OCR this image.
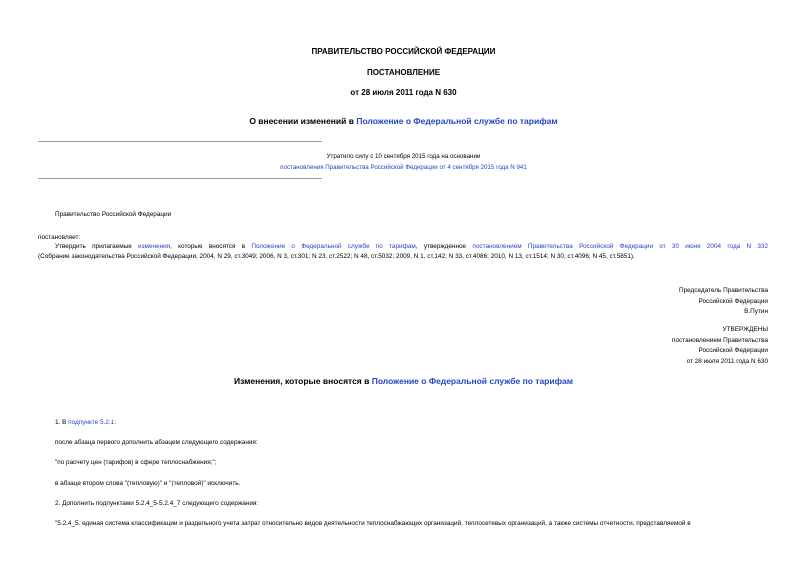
ПРАВИТЕЛЬСТВО РОССИЙСКОЙ ФЕДЕРАЦИИ
ПОСТАНОВЛЕНИЕ
от 28 июля 2011 года N 630
О внесении изменений в Положение о Федеральной службе по тарифам
Утратило силу с 10 сентября 2015 года на основании
постановления Правительства Российской Федерации от 4 сентября 2015 года N 941
Правительство Российской Федерации
постановляет:
Утвердить прилагаемые изменения, которые вносятся в Положение о Федеральной службе по тарифам, утвержденное постановлением Правительства Российской Федерации от 30 июня 2004 года N 332
(Собрание законодательства Российской Федерации, 2004, N 29, ст.3049; 2006, N 3, ст.301; N 23, ст.2522; N 48, ст.5032; 2009, N 1, ст.142; N 33, ст.4086; 2010, N 13, ст.1514; N 30, ст.4096; N 45, ст.5851).
Председатель Правительства
Российской Федерации
В.Путин
УТВЕРЖДЕНЫ
постановлением Правительства
Российской Федерации
от 28 июля 2011 года N 630
Изменения, которые вносятся в Положение о Федеральной службе по тарифам
1. В подпункте 5.2.1:
после абзаца первого дополнить абзацем следующего содержания:
"по расчету цен (тарифов) в сфере теплоснабжения;";
в абзаце втором слова "(тепловую)" и "(тепловой)" исключить.
2. Дополнить подпунктами 5.2.4_5-5.2.4_7 следующего содержания:
"5.2.4_5. единая система классификации и раздельного учета затрат относительно видов деятельности теплоснабжающих организаций, теплосетевых организаций, а также системы отчетности, представляемой в
